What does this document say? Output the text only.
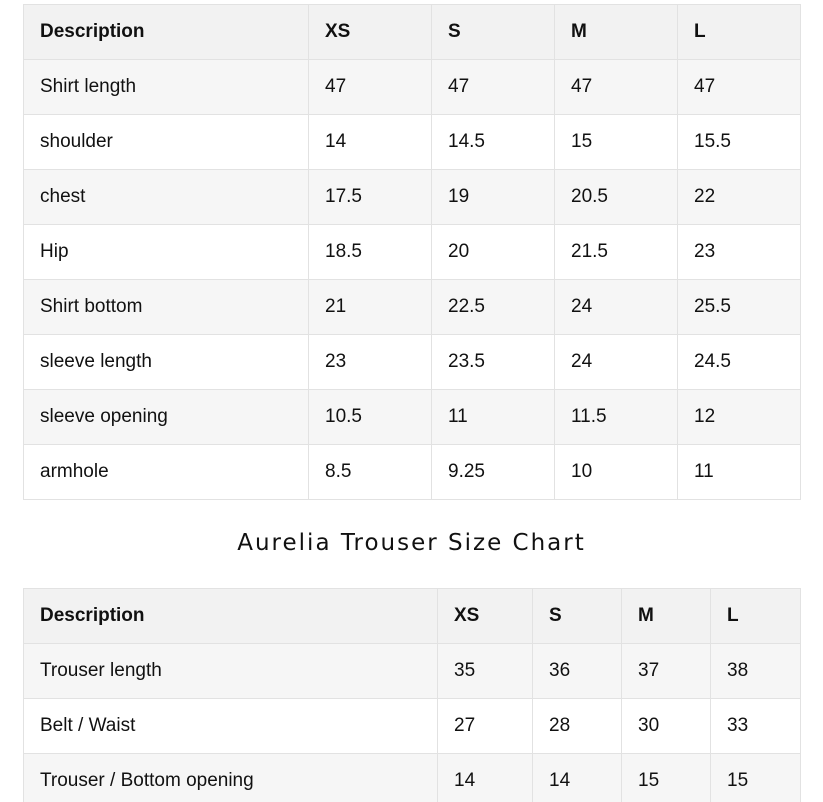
Description	XS	S	M	L
Shirt length	47	47	47	47
shoulder	14	14.5	15	15.5
chest	17.5	19	20.5	22
Hip	18.5	20	21.5	23
Shirt bottom	21	22.5	24	25.5
sleeve length	23	23.5	24	24.5
sleeve opening	10.5	11	11.5	12
armhole	8.5	9.25	10	11
Aurelia Trouser Size Chart
Description	XS	S	M	L
Trouser length	35	36	37	38
Belt / Waist	27	28	30	33
Trouser / Bottom opening	14	14	15	15
